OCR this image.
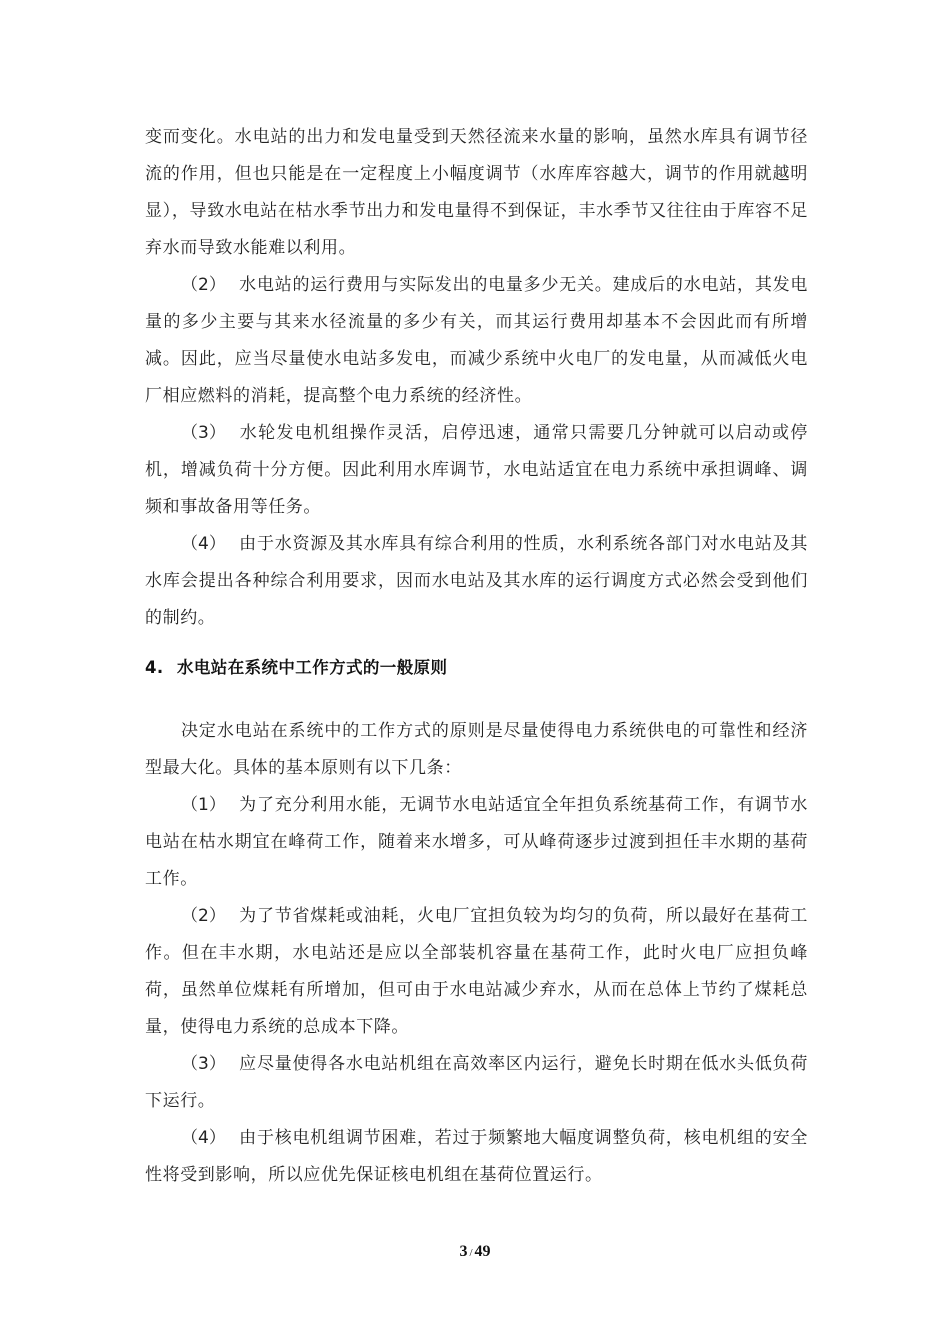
变而变化。水电站的出力和发电量受到天然径流来水量的影响，虽然水库具有调节径流的作用，但也只能是在一定程度上小幅度调节（水库库容越大，调节的作用就越明显），导致水电站在枯水季节出力和发电量得不到保证，丰水季节又往往由于库容不足弃水而导致水能难以利用。

（2） 水电站的运行费用与实际发出的电量多少无关。建成后的水电站，其发电量的多少主要与其来水径流量的多少有关，而其运行费用却基本不会因此而有所增减。因此，应当尽量使水电站多发电，而减少系统中火电厂的发电量，从而减低火电厂相应燃料的消耗，提高整个电力系统的经济性。

（3） 水轮发电机组操作灵活，启停迅速，通常只需要几分钟就可以启动或停机，增减负荷十分方便。因此利用水库调节，水电站适宜在电力系统中承担调峰、调频和事故备用等任务。

（4） 由于水资源及其水库具有综合利用的性质，水利系统各部门对水电站及其水库会提出各种综合利用要求，因而水电站及其水库的运行调度方式必然会受到他们的制约。

4. 水电站在系统中工作方式的一般原则

决定水电站在系统中的工作方式的原则是尽量使得电力系统供电的可靠性和经济型最大化。具体的基本原则有以下几条：

（1） 为了充分利用水能，无调节水电站适宜全年担负系统基荷工作，有调节水电站在枯水期宜在峰荷工作，随着来水增多，可从峰荷逐步过渡到担任丰水期的基荷工作。

（2） 为了节省煤耗或油耗，火电厂宜担负较为均匀的负荷，所以最好在基荷工作。但在丰水期，水电站还是应以全部装机容量在基荷工作，此时火电厂应担负峰荷，虽然单位煤耗有所增加，但可由于水电站减少弃水，从而在总体上节约了煤耗总量，使得电力系统的总成本下降。

（3） 应尽量使得各水电站机组在高效率区内运行，避免长时期在低水头低负荷下运行。

（4） 由于核电机组调节困难，若过于频繁地大幅度调整负荷，核电机组的安全性将受到影响，所以应优先保证核电机组在基荷位置运行。

3 / 49
